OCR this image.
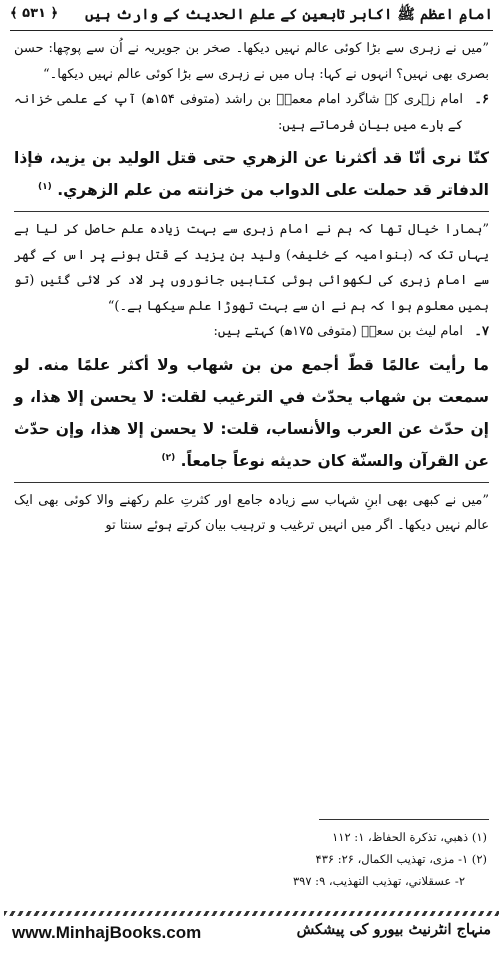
امامِ اعظم ﷺ اکابر تابعین کے علمِ الحدیث کے وارث ہیں
﴿ ۵۳۱ ﴾

”میں نے زہری سے بڑا کوئی عالم نہیں دیکھا۔ صخر بن جویریہ نے اُن سے پوچھا: حسن بصری بھی نہیں؟ انہوں نے کہا: ہاں میں نے زہری سے بڑا کوئی عالم نہیں دیکھا۔“

۶۔
امام زہری کے شاگرد امام معمرؒ بن راشد (متوفی ۱۵۴ھ) آپ کے علمی خزانہ کے بارے میں بیان فرماتے ہیں:

كنّا نرى أنّا قد أكثرنا عن الزهري حتى قتل الوليد بن يزيد، فإذا الدفاتر قد حملت على الدواب من خزانته من علم الزهري. $^{(۱)}$

”ہمارا خیال تھا کہ ہم نے امام زہری سے بہت زیادہ علم حاصل کر لیا ہے یہاں تک کہ (بنوامیہ کے خلیفہ) ولید بن یزید کے قتل ہونے پر اس کے گھر سے امام زہری کی لکھوائی ہوئی کتابیں جانوروں پر لاد کر لائی گئیں (تو ہمیں معلوم ہوا کہ ہم نے ان سے بہت تھوڑا علم سیکھا ہے۔)“

۷۔
امام لیث بن سعدؒ (متوفی ۱۷۵ھ) کہتے ہیں:

ما رأيت عالمًا قطّ أجمع من بن شهاب ولا أكثر علمًا منه. لو سمعت بن شهاب يحدّث في الترغيب لقلت: لا يحسن إلا هذا، و إن حدّث عن العرب والأنساب، قلت: لا يحسن إلا هذا، وإن حدّث عن القرآن والسنّة كان حديثه نوعاً جامعاً. $^{(۲)}$

”میں نے کبھی بھی ابنِ شہاب سے زیادہ جامع اور کثرتِ علم رکھنے والا کوئی بھی ایک عالم نہیں دیکھا۔ اگر میں انہیں ترغیب و ترہیب بیان کرتے ہوئے سنتا تو

(۱) ذهبي، تذكرة الحفاظ، ۱: ۱۱۲
(۲) ۱- مزی، تهذيب الكمال، ۲۶: ۴۳۶
۲- عسقلاني، تهذيب التهذيب، ۹: ۳۹۷
www.MinhajBooks.com	منہاج انٹرنیٹ بیورو کی پیشکش
